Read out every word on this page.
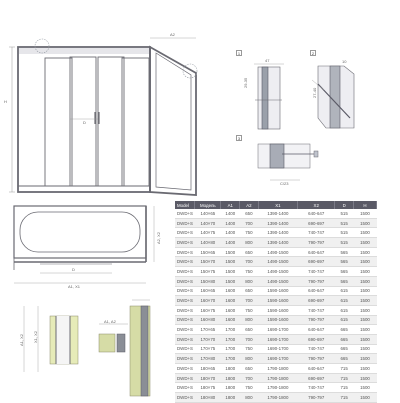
H
D
A2
1	2
3
47
29-35
10
27-40
C/23
A2, X2
D
A1, X1
A1, X2 X1, X2
A1, A2
Model	Модель	A1	A2	X1	X2	D	H
DWD+S	140×65	1400	650	1390-1400	640-647	515	1500
DWD+S	140×70	1400	700	1390-1400	690-697	515	1500
DWD+S	140×75	1400	750	1390-1400	740-747	515	1500
DWD+S	140×80	1400	800	1390-1400	790-797	515	1500
DWD+S	150×65	1500	650	1490-1500	640-647	565	1500
DWD+S	150×70	1500	700	1490-1500	690-697	565	1500
DWD+S	150×75	1500	750	1490-1500	740-747	565	1500
DWD+S	150×80	1500	800	1490-1500	790-797	565	1500
DWD+S	160×65	1600	650	1590-1600	640-647	615	1500
DWD+S	160×70	1600	700	1590-1600	690-697	615	1500
DWD+S	160×75	1600	750	1590-1600	740-747	615	1500
DWD+S	160×80	1600	800	1590-1600	790-797	615	1500
DWD+S	170×65	1700	650	1690-1700	640-647	665	1500
DWD+S	170×70	1700	700	1690-1700	690-697	665	1500
DWD+S	170×75	1700	750	1690-1700	740-747	665	1500
DWD+S	170×80	1700	800	1690-1700	790-797	665	1500
DWD+S	180×65	1800	650	1790-1800	640-647	715	1500
DWD+S	180×70	1800	700	1790-1800	690-697	715	1500
DWD+S	180×75	1800	750	1790-1800	740-747	715	1500
DWD+S	180×80	1800	800	1790-1800	790-797	715	1500
